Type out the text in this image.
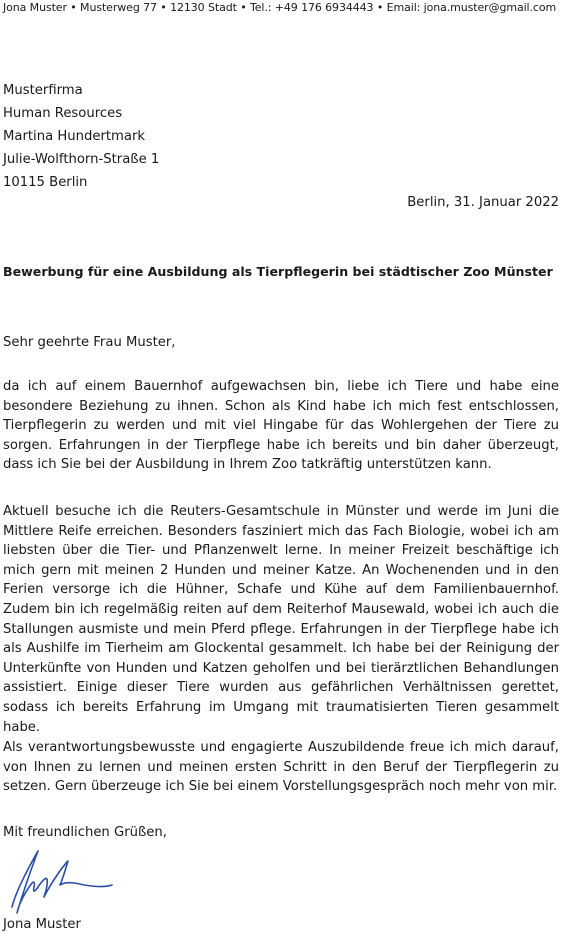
Jona Muster • Musterweg 77 • 12130 Stadt • Tel.: +49 176 6934443 • Email: jona.muster@gmail.com
Musterfirma
Human Resources
Martina Hundertmark
Julie-Wolfthorn-Straße 1
10115 Berlin
Berlin, 31. Januar 2022
Bewerbung für eine Ausbildung als Tierpflegerin bei städtischer Zoo Münster
Sehr geehrte Frau Muster,
da ich auf einem Bauernhof aufgewachsen bin, liebe ich Tiere und habe eine besondere Beziehung zu ihnen. Schon als Kind habe ich mich fest entschlossen, Tierpflegerin zu werden und mit viel Hingabe für das Wohlergehen der Tiere zu sorgen. Erfahrungen in der Tierpflege habe ich bereits und bin daher überzeugt, dass ich Sie bei der Ausbildung in Ihrem Zoo tatkräftig unterstützen kann.
Aktuell besuche ich die Reuters-Gesamtschule in Münster und werde im Juni die Mittlere Reife erreichen. Besonders fasziniert mich das Fach Biologie, wobei ich am liebsten über die Tier- und Pflanzenwelt lerne. In meiner Freizeit beschäftige ich mich gern mit meinen 2 Hunden und meiner Katze. An Wochenenden und in den Ferien versorge ich die Hühner, Schafe und Kühe auf dem Familienbauernhof. Zudem bin ich regelmäßig reiten auf dem Reiterhof Mausewald, wobei ich auch die Stallungen ausmiste und mein Pferd pflege. Erfahrungen in der Tierpflege habe ich als Aushilfe im Tierheim am Glockental gesammelt. Ich habe bei der Reinigung der Unterkünfte von Hunden und Katzen geholfen und bei tierärztlichen Behandlungen assistiert. Einige dieser Tiere wurden aus gefährlichen Verhältnissen gerettet, sodass ich bereits Erfahrung im Umgang mit traumatisierten Tieren gesammelt habe.
Als verantwortungsbewusste und engagierte Auszubildende freue ich mich darauf, von Ihnen zu lernen und meinen ersten Schritt in den Beruf der Tierpflegerin zu setzen. Gern überzeuge ich Sie bei einem Vorstellungsgespräch noch mehr von mir.
Mit freundlichen Grüßen,
Jona Muster
